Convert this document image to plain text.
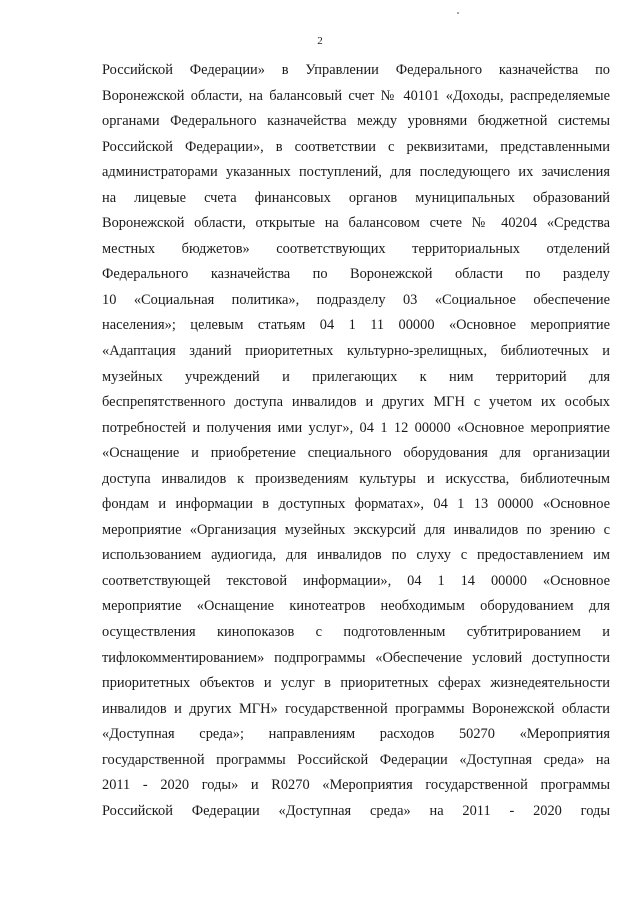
2
Российской Федерации» в Управлении Федерального казначейства по
Воронежской области, на балансовый счет № 40101 «Доходы, распределяемые
органами Федерального казначейства между уровнями бюджетной системы
Российской Федерации», в соответствии с реквизитами, представленными
администраторами указанных поступлений, для последующего их зачисления
на лицевые счета финансовых органов муниципальных образований
Воронежской области, открытые на балансовом счете № 40204 «Средства
местных бюджетов» соответствующих территориальных отделений
Федерального казначейства по Воронежской области по разделу
10 «Социальная политика», подразделу 03 «Социальное обеспечение
населения»; целевым статьям 04 1 11 00000 «Основное мероприятие
«Адаптация зданий приоритетных культурно-зрелищных, библиотечных и
музейных учреждений и прилегающих к ним территорий для
беспрепятственного доступа инвалидов и других МГН с учетом их особых
потребностей и получения ими услуг», 04 1 12 00000 «Основное мероприятие
«Оснащение и приобретение специального оборудования для организации
доступа инвалидов к произведениям культуры и искусства, библиотечным
фондам и информации в доступных форматах», 04 1 13 00000 «Основное
мероприятие «Организация музейных экскурсий для инвалидов по зрению с
использованием аудиогида, для инвалидов по слуху с предоставлением им
соответствующей текстовой информации», 04 1 14 00000 «Основное
мероприятие «Оснащение кинотеатров необходимым оборудованием для
осуществления кинопоказов с подготовленным субтитрированием и
тифлокомментированием» подпрограммы «Обеспечение условий доступности
приоритетных объектов и услуг в приоритетных сферах жизнедеятельности
инвалидов и других МГН» государственной программы Воронежской области
«Доступная среда»; направлениям расходов 50270 «Мероприятия
государственной программы Российской Федерации «Доступная среда» на
2011 - 2020 годы» и R0270 «Мероприятия государственной программы
Российской Федерации «Доступная среда» на 2011 - 2020 годы
